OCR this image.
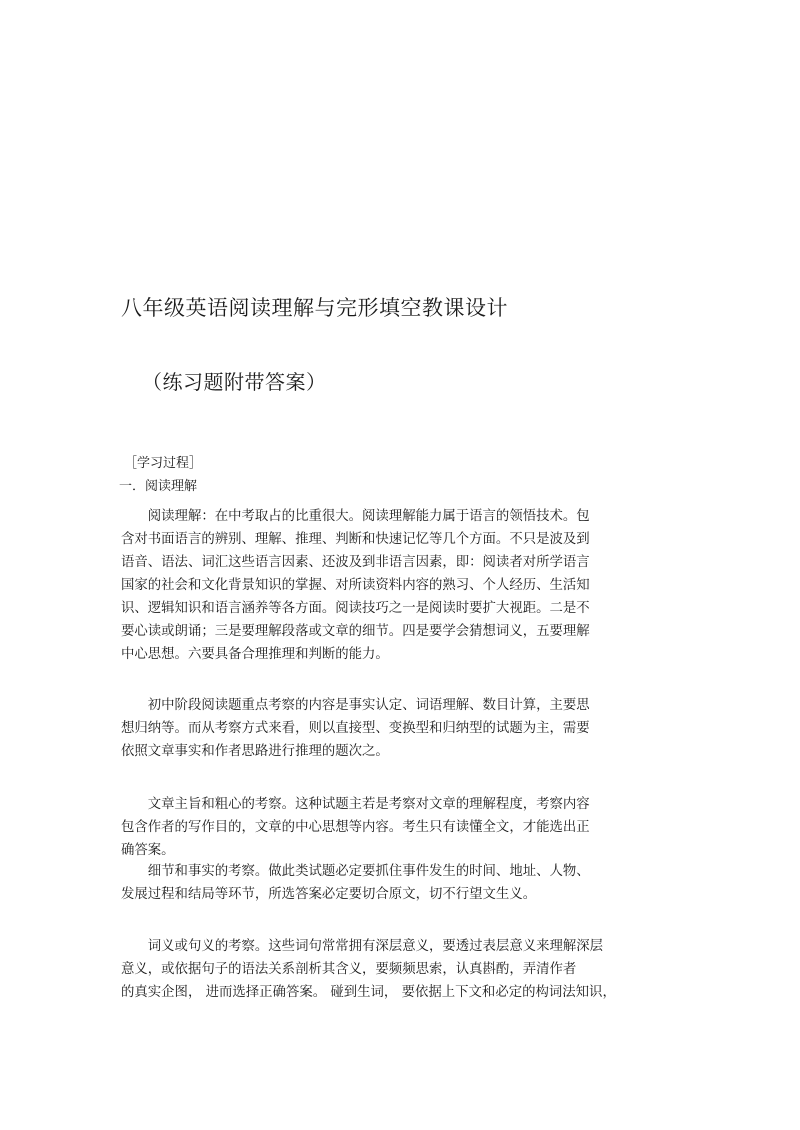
八年级英语阅读理解与完形填空教课设计
（练习题附带答案）
［学习过程］
一．阅读理解

　　阅读理解：在中考取占的比重很大。阅读理解能力属于语言的领悟技术。包
含对书面语言的辨别、理解、推理、判断和快速记忆等几个方面。不只是波及到
语音、语法、词汇这些语言因素、还波及到非语言因素，即：阅读者对所学语言
国家的社会和文化背景知识的掌握、对所读资料内容的熟习、个人经历、生活知
识、逻辑知识和语言涵养等各方面。阅读技巧之一是阅读时要扩大视距。二是不
要心读或朗诵；三是要理解段落或文章的细节。四是要学会猜想词义，五要理解
中心思想。六要具备合理推理和判断的能力。

　　初中阶段阅读题重点考察的内容是事实认定、词语理解、数目计算，主要思
想归纳等。而从考察方式来看，则以直接型、变换型和归纳型的试题为主，需要
依照文章事实和作者思路进行推理的题次之。

　　文章主旨和粗心的考察。这种试题主若是考察对文章的理解程度，考察内容
包含作者的写作目的，文章的中心思想等内容。考生只有读懂全文，才能选出正
确答案。

　　细节和事实的考察。做此类试题必定要抓住事件发生的时间、地址、人物、
发展过程和结局等环节，所选答案必定要切合原文，切不行望文生义。

　　词义或句义的考察。这些词句常常拥有深层意义，要透过表层意义来理解深层
意义，或依据句子的语法关系剖析其含义，要频频思索，认真斟酌，弄清作者
的真实企图， 进而选择正确答案。 碰到生词， 要依据上下文和必定的构词法知识，
